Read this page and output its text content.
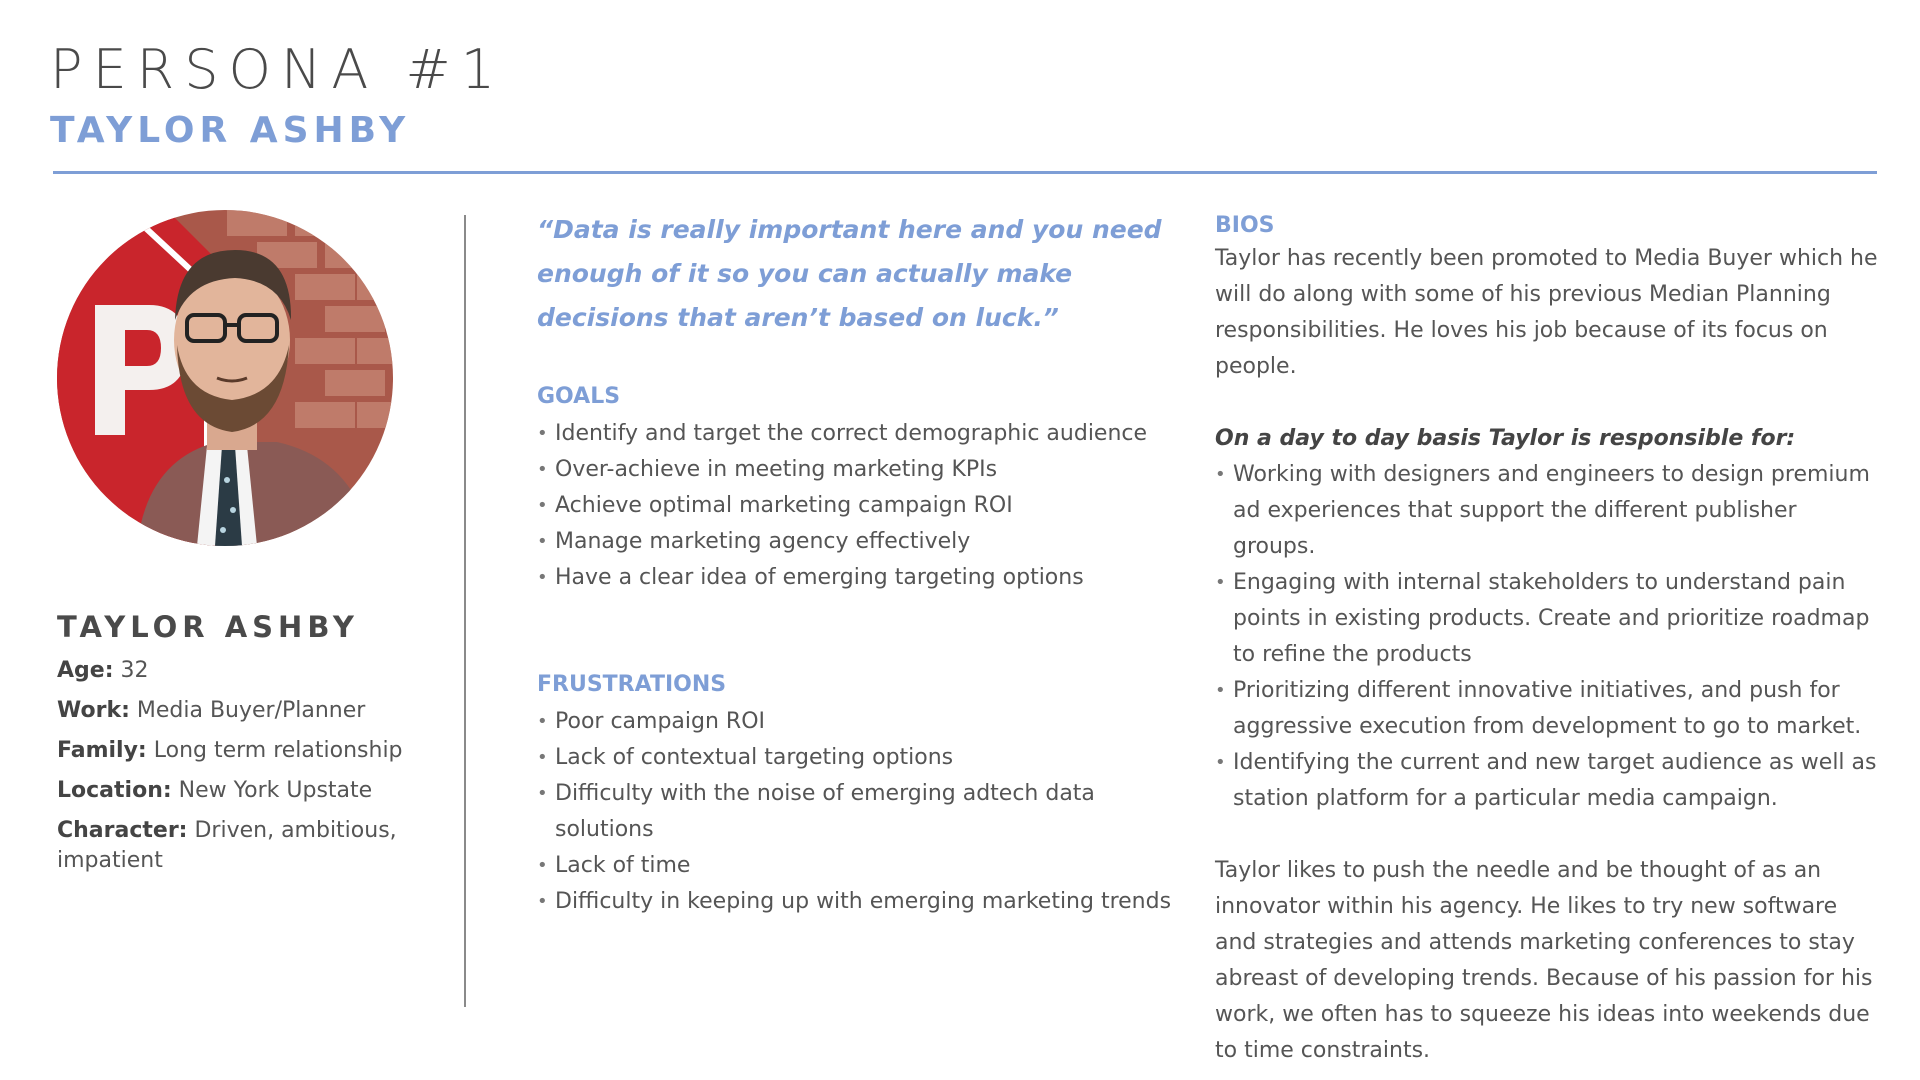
PERSONA #1
TAYLOR ASHBY
TAYLOR ASHBY
Age: 32
Work: Media Buyer/Planner
Family: Long term relationship
Location: New York Upstate
Character: Driven, ambitious, impatient

“Data is really important here and you need enough of it so you can actually make decisions that aren’t based on luck.”

GOALS
• Identify and target the correct demographic audience
• Over-achieve in meeting marketing KPIs
• Achieve optimal marketing campaign ROI
• Manage marketing agency effectively
• Have a clear idea of emerging targeting options
FRUSTRATIONS
• Poor campaign ROI
• Lack of contextual targeting options
• Difficulty with the noise of emerging adtech data solutions
• Lack of time
• Difficulty in keeping up with emerging marketing trends
BIOS

Taylor has recently been promoted to Media Buyer which he will do along with some of his previous Median Planning responsibilities. He loves his job because of its focus on people.

On a day to day basis Taylor is responsible for:
• Working with designers and engineers to design premium ad experiences that support the different publisher groups.
• Engaging with internal stakeholders to understand pain points in existing products. Create and prioritize roadmap to refine the products
• Prioritizing different innovative initiatives, and push for aggressive execution from development to go to market.
• Identifying the current and new target audience as well as station platform for a particular media campaign.

Taylor likes to push the needle and be thought of as an innovator within his agency. He likes to try new software and strategies and attends marketing conferences to stay abreast of developing trends. Because of his passion for his work, we often has to squeeze his ideas into weekends due to time constraints.
